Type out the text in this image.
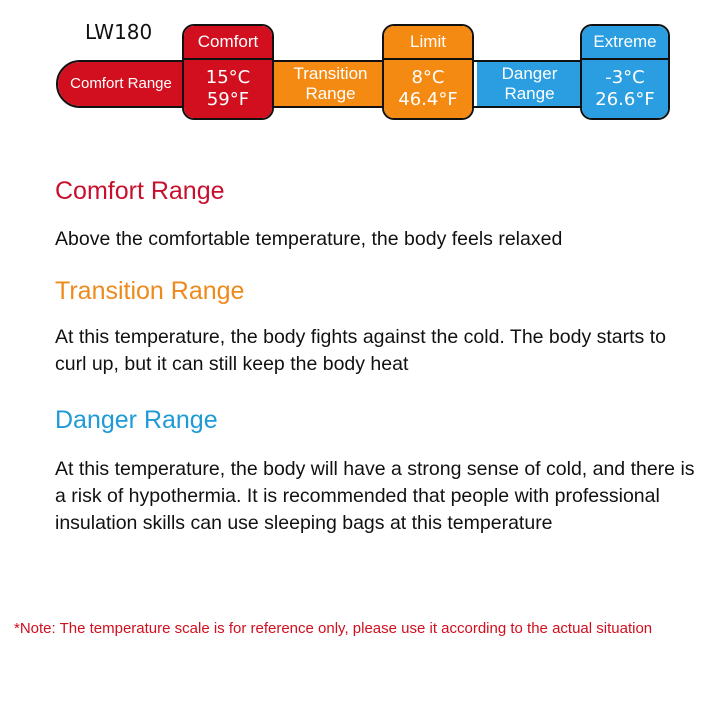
LW180
Comfort Range
Transition
Range
Danger
Range
Comfort
15°C
59°F
Limit
8°C
46.4°F
Extreme
-3°C
26.6°F
Comfort Range
Above the comfortable temperature, the body feels relaxed
Transition Range
At this temperature, the body fights against the cold. The body starts to curl up, but it can still keep the body heat
Danger Range
At this temperature, the body will have a strong sense of cold, and there is a risk of hypothermia. It is recommended that people with professional insulation skills can use sleeping bags at this temperature
*Note: The temperature scale is for reference only, please use it according to the actual situation
